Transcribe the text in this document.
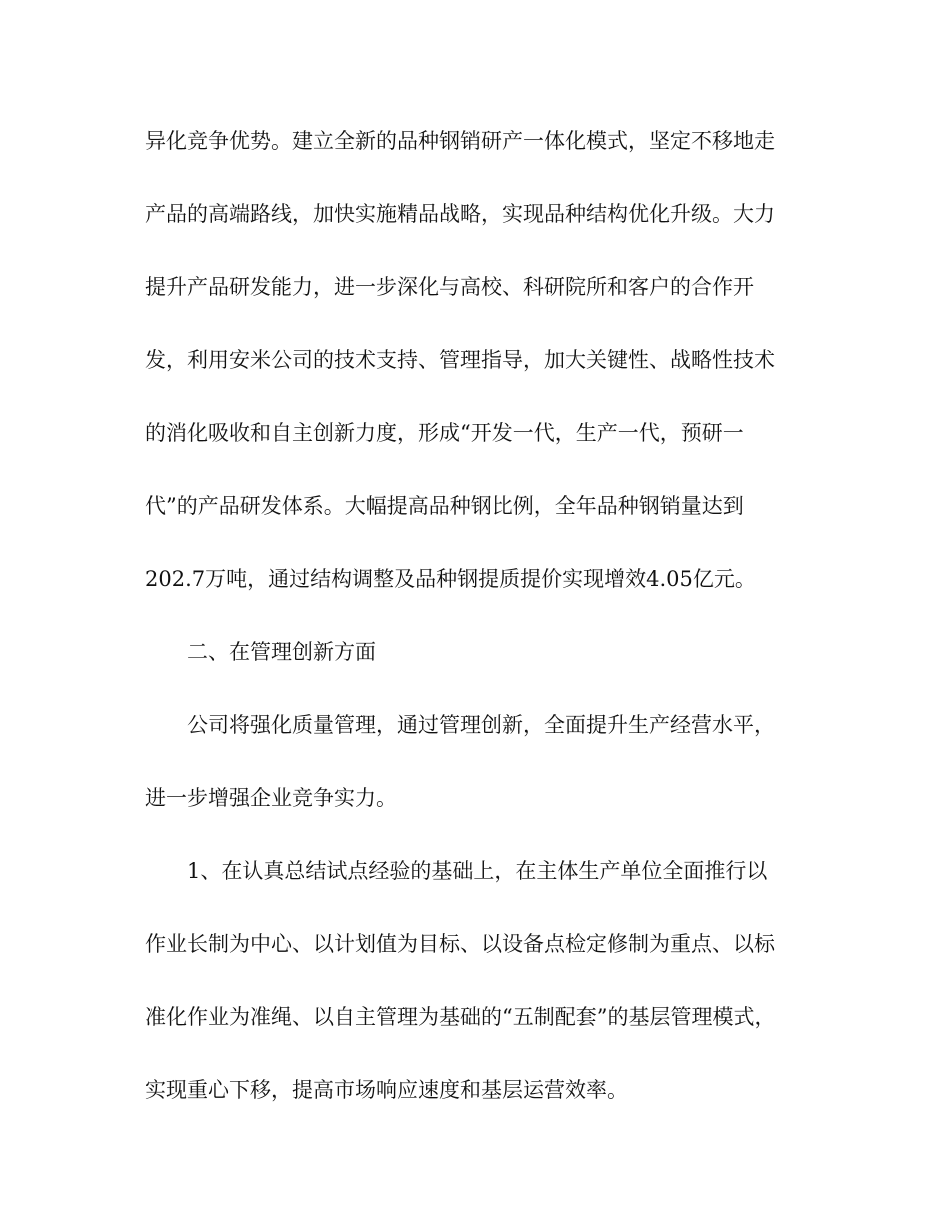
异化竞争优势。建立全新的品种钢销研产一体化模式，坚定不移地走
产品的高端路线，加快实施精品战略，实现品种结构优化升级。大力
提升产品研发能力，进一步深化与高校、科研院所和客户的合作开
发，利用安米公司的技术支持、管理指导，加大关键性、战略性技术
的消化吸收和自主创新力度，形成“开发一代，生产一代，预研一
代”的产品研发体系。大幅提高品种钢比例，全年品种钢销量达到
202.7万吨，通过结构调整及品种钢提质提价实现增效4.05亿元。
二、在管理创新方面
公司将强化质量管理，通过管理创新，全面提升生产经营水平，
进一步增强企业竞争实力。
1、在认真总结试点经验的基础上，在主体生产单位全面推行以
作业长制为中心、以计划值为目标、以设备点检定修制为重点、以标
准化作业为准绳、以自主管理为基础的“五制配套”的基层管理模式，
实现重心下移，提高市场响应速度和基层运营效率。
